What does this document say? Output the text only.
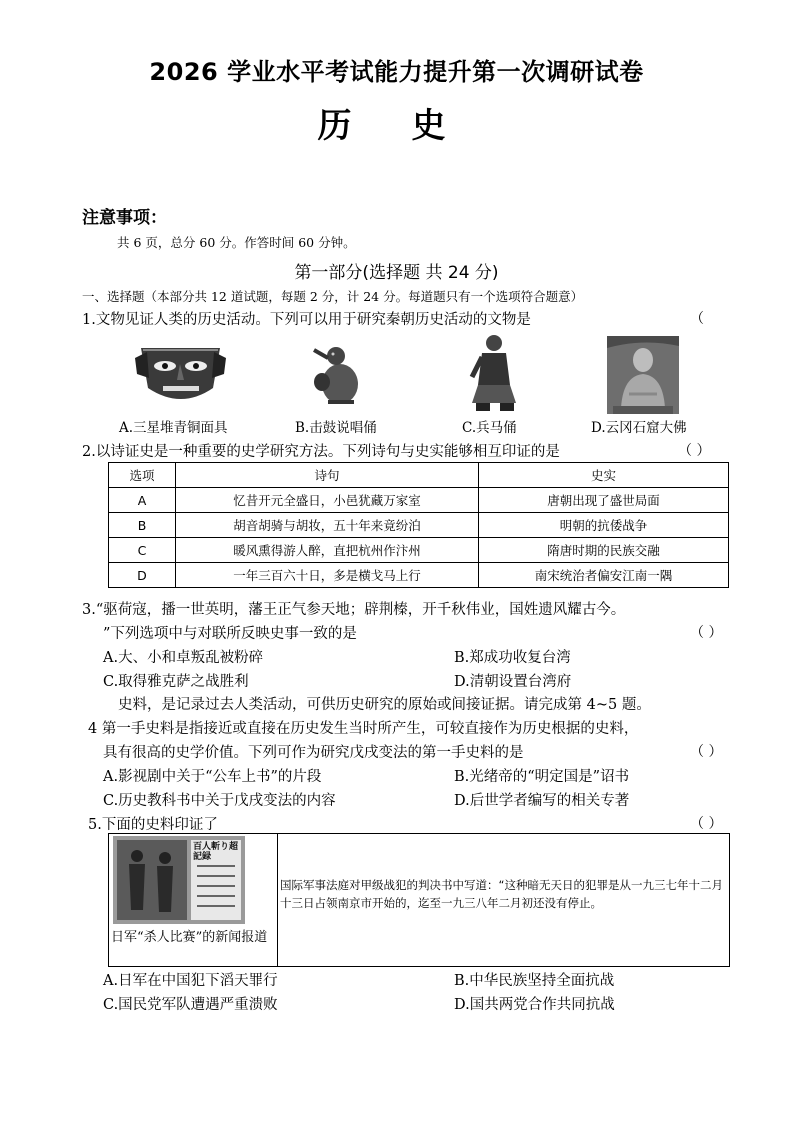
2026 学业水平考试能力提升第一次调研试卷
历史
注意事项：
共 6 页，总分 60 分。作答时间 60 分钟。
第一部分(选择题 共 24 分)
一、选择题（本部分共 12 道试题，每题 2 分，计 24 分。每道题只有一个选项符合题意）
1.文物见证人类的历史活动。下列可以用于研究秦朝历史活动的文物是	（
A.三星堆青铜面具	B.击鼓说唱俑	C.兵马俑	D.云冈石窟大佛
2.以诗证史是一种重要的史学研究方法。下列诗句与史实能够相互印证的是	（ ）
选项	诗句	史实
A	忆昔开元全盛日，小邑犹藏万家室	唐朝出现了盛世局面
B	胡音胡骑与胡妆，五十年来竟纷泊	明朝的抗倭战争
C	暖风熏得游人醉，直把杭州作汴州	隋唐时期的民族交融
D	一年三百六十日，多是横戈马上行	南宋统治者偏安江南一隅
3.“驱荷寇，播一世英明，藩王正气参天地；辟荆榛，开千秋伟业，国姓遗风耀古今。
”下列选项中与对联所反映史事一致的是	（ ）
A.大、小和卓叛乱被粉碎	B.郑成功收复台湾
C.取得雅克萨之战胜利	D.清朝设置台湾府
史料，是记录过去人类活动，可供历史研究的原始或间接证据。请完成第 4~5 题。
4 第一手史料是指接近或直接在历史发生当时所产生，可较直接作为历史根据的史料，
具有很高的史学价值。下列可作为研究戊戌变法的第一手史料的是	（ ）
A.影视剧中关于“公车上书”的片段	B.光绪帝的“明定国是”诏书
C.历史教科书中关于戊戌变法的内容	D.后世学者编写的相关专著
5.下面的史料印证了	（ ）
百人斬り超記録
日军“杀人比赛”的新闻报道
国际军事法庭对甲级战犯的判决书中写道：“这种暗无天日的犯罪是从一九三七年十二月十三日占领南京市开始的，迄至一九三八年二月初还没有停止。
A.日军在中国犯下滔天罪行	B.中华民族坚持全面抗战
C.国民党军队遭遇严重溃败	D.国共两党合作共同抗战
